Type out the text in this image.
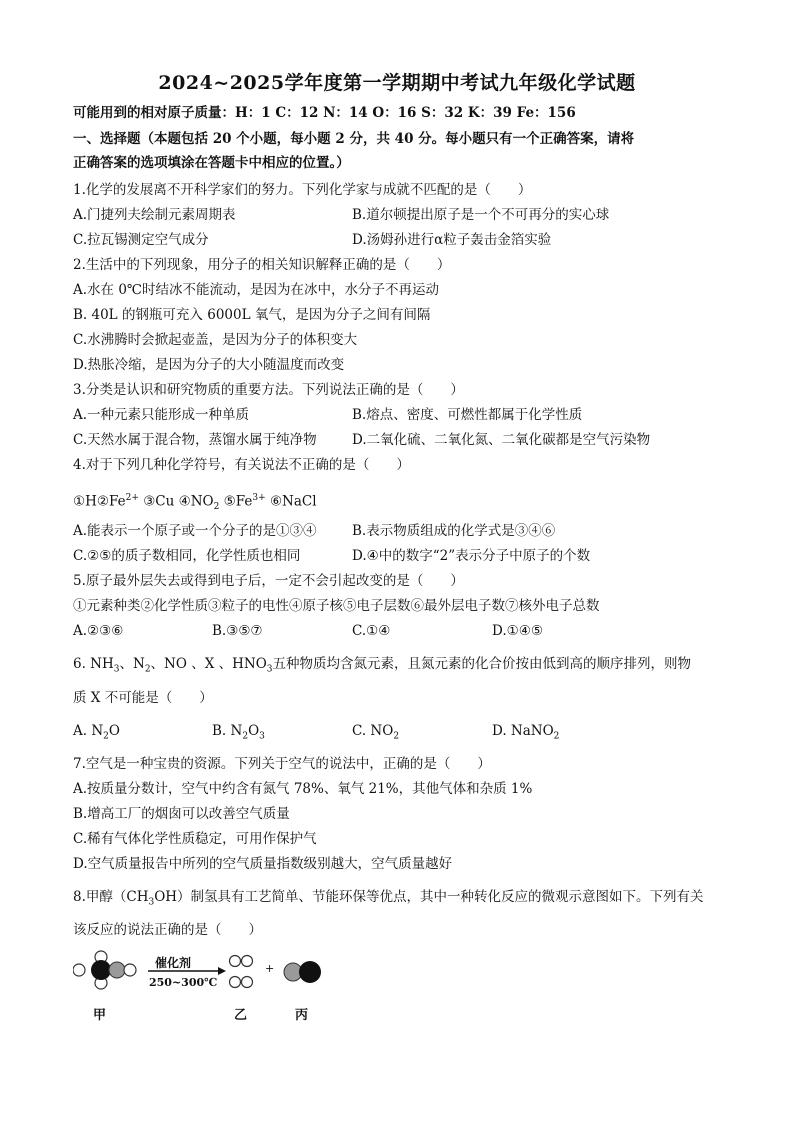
2024~2025学年度第一学期期中考试九年级化学试题
可能用到的相对原子质量：H：1 C：12 N：14 O：16 S：32 K：39 Fe：156
一、选择题（本题包括 20 个小题，每小题 2 分，共 40 分。每小题只有一个正确答案，请将
正确答案的选项填涂在答题卡中相应的位置。）
1.化学的发展离不开科学家们的努力。下列化学家与成就不匹配的是（　　）
A.门捷列夫绘制元素周期表	B.道尔顿提出原子是一个不可再分的实心球
C.拉瓦锡测定空气成分	D.汤姆孙进行α粒子轰击金箔实验
2.生活中的下列现象，用分子的相关知识解释正确的是（　　）
A.水在 0℃时结冰不能流动，是因为在冰中，水分子不再运动
B. 40L 的钢瓶可充入 6000L 氧气，是因为分子之间有间隔
C.水沸腾时会掀起壶盖，是因为分子的体积变大
D.热胀冷缩，是因为分子的大小随温度而改变
3.分类是认识和研究物质的重要方法。下列说法正确的是（　　）
A.一种元素只能形成一种单质	B.熔点、密度、可燃性都属于化学性质
C.天然水属于混合物，蒸馏水属于纯净物	D.二氧化硫、二氧化氮、二氧化碳都是空气污染物
4.对于下列几种化学符号，有关说法不正确的是（　　）
$①H②Fe^{2+}$ ③Cu $④NO_2$ $⑤Fe^{3+}$ ⑥NaCl
A.能表示一个原子或一个分子的是①③④	B.表示物质组成的化学式是③④⑥
C.②⑤的质子数相同，化学性质也相同	D.④中的数字“2”表示分子中原子的个数
5.原子最外层失去或得到电子后，一定不会引起改变的是（　　）
①元素种类②化学性质③粒子的电性④原子核⑤电子层数⑥最外层电子数⑦核外电子总数
A.②③⑥	B.③⑤⑦	C.①④	D.①④⑤
6. $NH_3$、$N_2$、NO 、X 、$HNO_3$五种物质均含氮元素，且氮元素的化合价按由低到高的顺序排列，则物
质 X 不可能是（　　）
A. $N_2O$	B. $N_2O_3$	C. $NO_2$	D. NaNO$_2$
7.空气是一种宝贵的资源。下列关于空气的说法中，正确的是（　　）
A.按质量分数计，空气中约含有氮气 78%、氧气 21%，其他气体和杂质 1%
B.增高工厂的烟囱可以改善空气质量
C.稀有气体化学性质稳定，可用作保护气
D.空气质量报告中所列的空气质量指数级别越大，空气质量越好
8.甲醇$(CH_3OH)$制氢具有工艺简单、节能环保等优点，其中一种转化反应的微观示意图如下。下列有关
该反应的说法正确的是（　　）
催化剂
250~300℃
+
甲	乙	丙
